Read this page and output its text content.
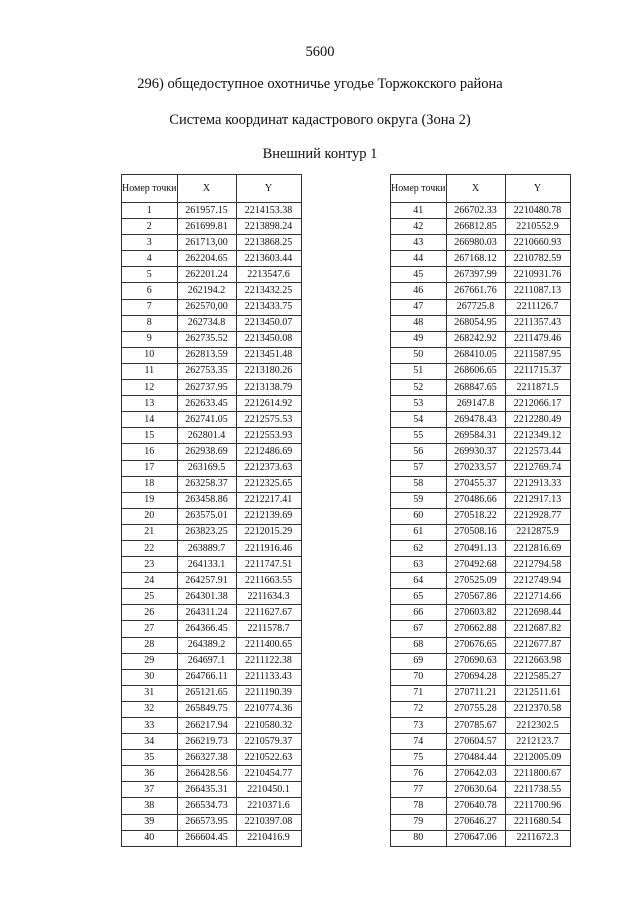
5600
296) общедоступное охотничье угодье Торжокского района
Система координат кадастрового округа (Зона 2)
Внешний контур 1
Номер точки	X	Y
1	261957.15	2214153.38
2	261699.81	2213898.24
3	261713,00	2213868.25
4	262204.65	2213603.44
5	262201.24	2213547.6
6	262194.2	2213432.25
7	262570,00	2213433.75
8	262734.8	2213450.07
9	262735.52	2213450.08
10	262813.59	2213451.48
11	262753.35	2213180.26
12	262737.95	2213138.79
13	262633.45	2212614.92
14	262741.05	2212575.53
15	262801.4	2212553.93
16	262938.69	2212486.69
17	263169.5	2212373.63
18	263258.37	2212325.65
19	263458.86	2212217.41
20	263575.01	2212139.69
21	263823.25	2212015.29
22	263889.7	2211916.46
23	264133.1	2211747.51
24	264257.91	2211663.55
25	264301.38	2211634.3
26	264311.24	2211627.67
27	264366.45	2211578.7
28	264389.2	2211400.65
29	264697.1	2211122.38
30	264766.11	2211133.43
31	265121.65	2211190.39
32	265849.75	2210774.36
33	266217.94	2210580.32
34	266219.73	2210579.37
35	266327.38	2210522.63
36	266428.56	2210454.77
37	266435.31	2210450.1
38	266534.73	2210371.6
39	266573.95	2210397.08
40	266604.45	2210416.9
Номер точки	X	Y
41	266702.33	2210480.78
42	266812.85	2210552.9
43	266980.03	2210660.93
44	267168.12	2210782.59
45	267397.99	2210931.76
46	267661.76	2211087.13
47	267725.8	2211126.7
48	268054.95	2211357.43
49	268242.92	2211479.46
50	268410.05	2211587.95
51	268606.65	2211715.37
52	268847.65	2211871.5
53	269147.8	2212066.17
54	269478.43	2212280.49
55	269584.31	2212349.12
56	269930.37	2212573.44
57	270233.57	2212769.74
58	270455.37	2212913.33
59	270486.66	2212917.13
60	270518.22	2212928.77
61	270508.16	2212875.9
62	270491.13	2212816.69
63	270492.68	2212794.58
64	270525.09	2212749.94
65	270567.86	2212714.66
66	270603.82	2212698.44
67	270662.88	2212687.82
68	270676.65	2212677.87
69	270690.63	2212663.98
70	270694.28	2212585.27
71	270711.21	2212511.61
72	270755.28	2212370.58
73	270785.67	2212302.5
74	270604.57	2212123.7
75	270484.44	2212005.09
76	270642.03	2211800.67
77	270630.64	2211738.55
78	270640.78	2211700.96
79	270646.27	2211680.54
80	270647.06	2211672.3
